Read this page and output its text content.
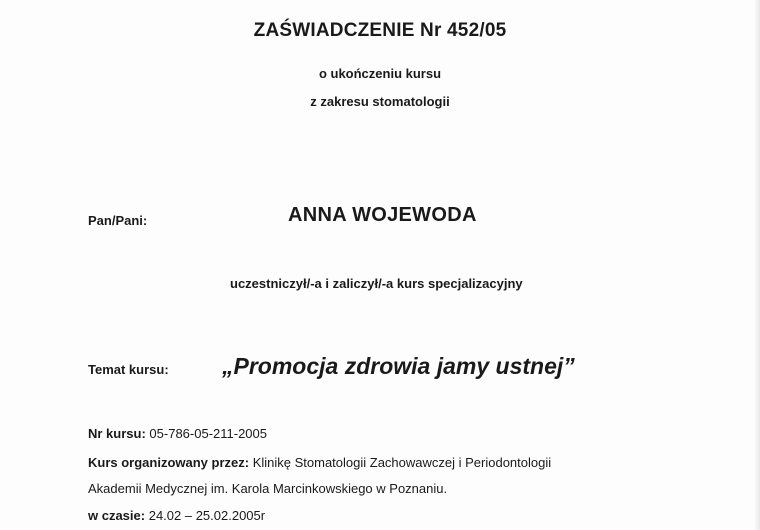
ZAŚWIADCZENIE Nr 452/05
o ukończeniu kursu
z zakresu stomatologii
Pan/Pani:	ANNA WOJEWODA
uczestniczył/-a i zaliczył/-a kurs specjalizacyjny
Temat kursu: „Promocja zdrowia jamy ustnej”
Nr kursu: 05-786-05-211-2005
Kurs organizowany przez: Klinikę Stomatologii Zachowawczej i Periodontologii
Akademii Medycznej im. Karola Marcinkowskiego w Poznaniu.
w czasie: 24.02 – 25.02.2005r
